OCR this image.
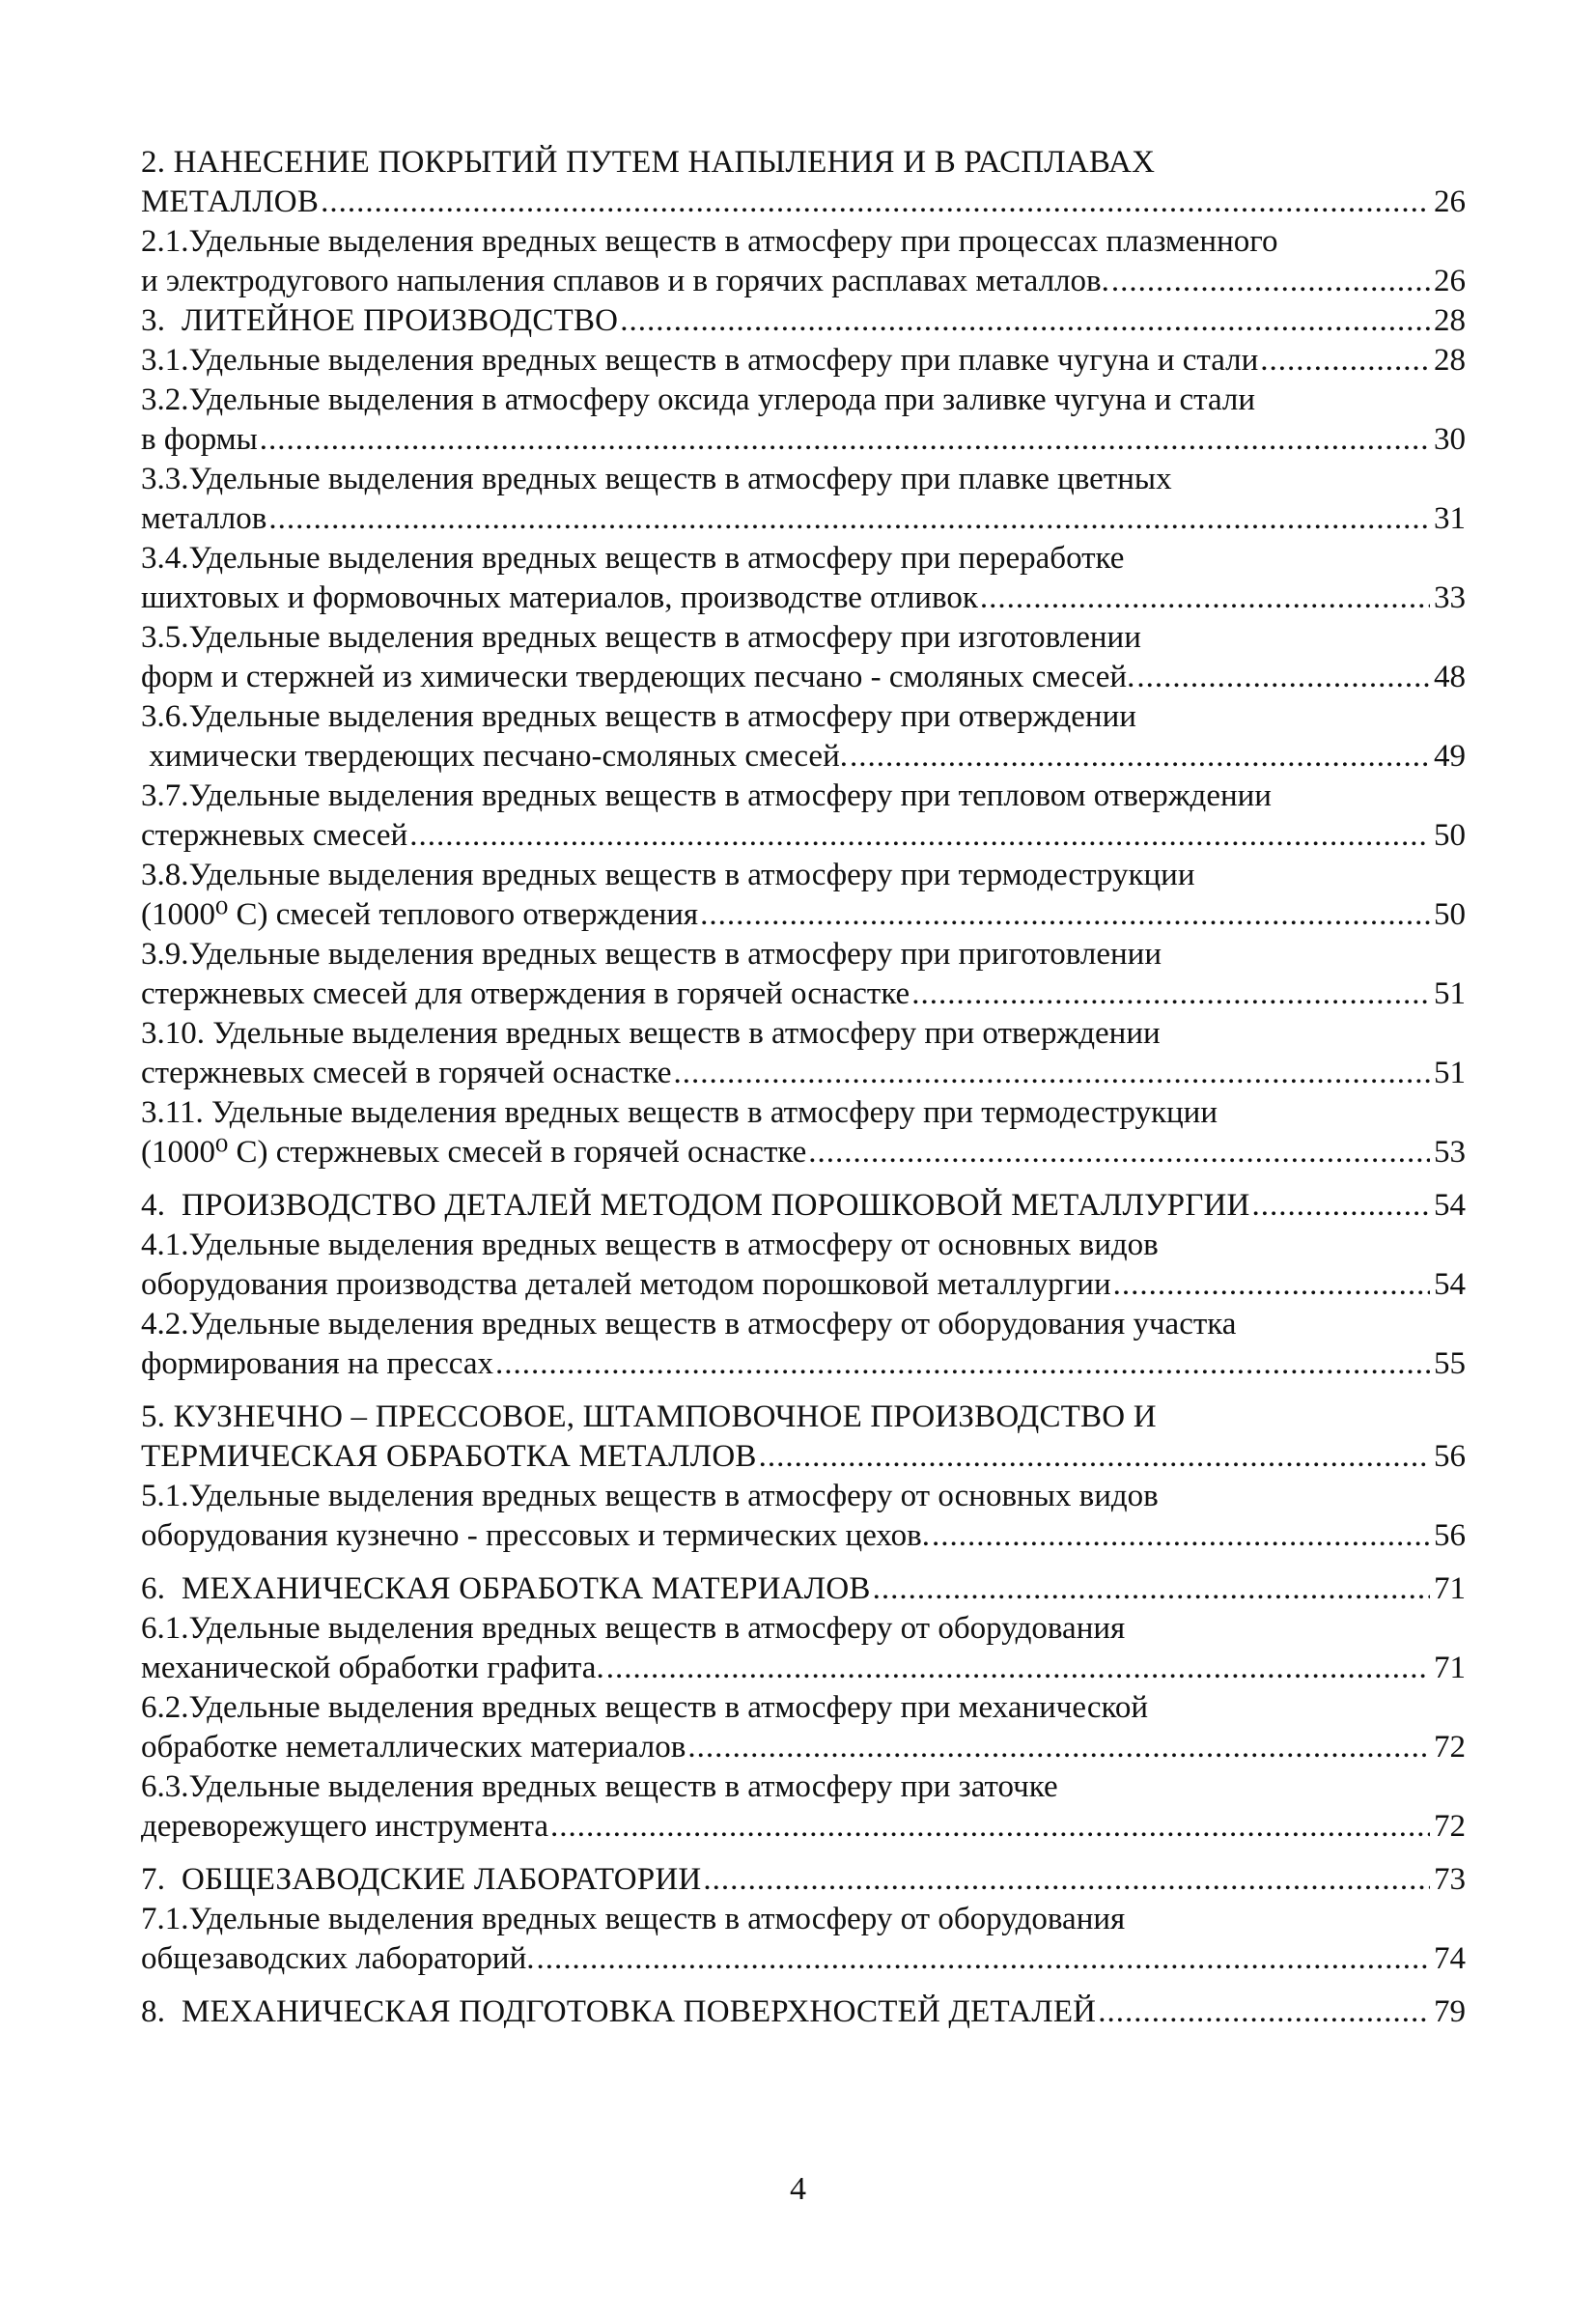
2. НАНЕСЕНИЕ ПОКРЫТИЙ ПУТЕМ НАПЫЛЕНИЯ И В РАСПЛАВАХ
МЕТАЛЛОВ .....	26
2.1.Удельные выделения вредных веществ в атмосферу при процессах плазменного
и электродугового напыления сплавов и в горячих расплавах металлов. .....	26
3.  ЛИТЕЙНОЕ ПРОИЗВОДСТВО .....	28
3.1.Удельные выделения вредных веществ в атмосферу при плавке чугуна и стали .....	28
3.2.Удельные выделения в атмосферу оксида углерода при заливке чугуна и стали
в формы .....	30
3.3.Удельные выделения вредных веществ в атмосферу при плавке цветных
металлов .....	31
3.4.Удельные выделения вредных веществ в атмосферу при переработке
шихтовых и формовочных материалов, производстве отливок .....	33
3.5.Удельные выделения вредных веществ в атмосферу при изготовлении
форм и стержней из химически твердеющих песчано - смоляных смесей. .....	48
3.6.Удельные выделения вредных веществ в атмосферу при отверждении
химически твердеющих песчано-смоляных смесей. .....	49
3.7.Удельные выделения вредных веществ в атмосферу при тепловом отверждении
стержневых смесей .....	50
3.8.Удельные выделения вредных веществ в атмосферу при термодеструкции
(1000⁰ С) смесей теплового отверждения .....	50
3.9.Удельные выделения вредных веществ в атмосферу при приготовлении
стержневых смесей для отверждения в горячей оснастке .....	51
3.10. Удельные выделения вредных веществ в атмосферу при отверждении
стержневых смесей в горячей оснастке .....	51
3.11. Удельные выделения вредных веществ в атмосферу при термодеструкции
(1000⁰ С) стержневых смесей в горячей оснастке .....	53
4.  ПРОИЗВОДСТВО ДЕТАЛЕЙ МЕТОДОМ ПОРОШКОВОЙ МЕТАЛЛУРГИИ .....	54
4.1.Удельные выделения вредных веществ в атмосферу от основных видов
оборудования производства деталей методом порошковой металлургии .....	54
4.2.Удельные выделения вредных веществ в атмосферу от оборудования участка
формирования на прессах .....	55
5. КУЗНЕЧНО – ПРЕССОВОЕ, ШТАМПОВОЧНОЕ ПРОИЗВОДСТВО И
ТЕРМИЧЕСКАЯ ОБРАБОТКА МЕТАЛЛОВ .....	56
5.1.Удельные выделения вредных веществ в атмосферу от основных видов
оборудования кузнечно - прессовых и термических цехов. .....	56
6.  МЕХАНИЧЕСКАЯ ОБРАБОТКА МАТЕРИАЛОВ .....	71
6.1.Удельные выделения вредных веществ в атмосферу от оборудования
механической обработки графита. .....	71
6.2.Удельные выделения вредных веществ в атмосферу при механической
обработке неметаллических материалов .....	72
6.3.Удельные выделения вредных веществ в атмосферу при заточке
дереворежущего инструмента .....	72
7.  ОБЩЕЗАВОДСКИЕ ЛАБОРАТОРИИ .....	73
7.1.Удельные выделения вредных веществ в атмосферу от оборудования
общезаводских лабораторий. .....	74
8.  МЕХАНИЧЕСКАЯ ПОДГОТОВКА ПОВЕРХНОСТЕЙ ДЕТАЛЕЙ .....	79
4
